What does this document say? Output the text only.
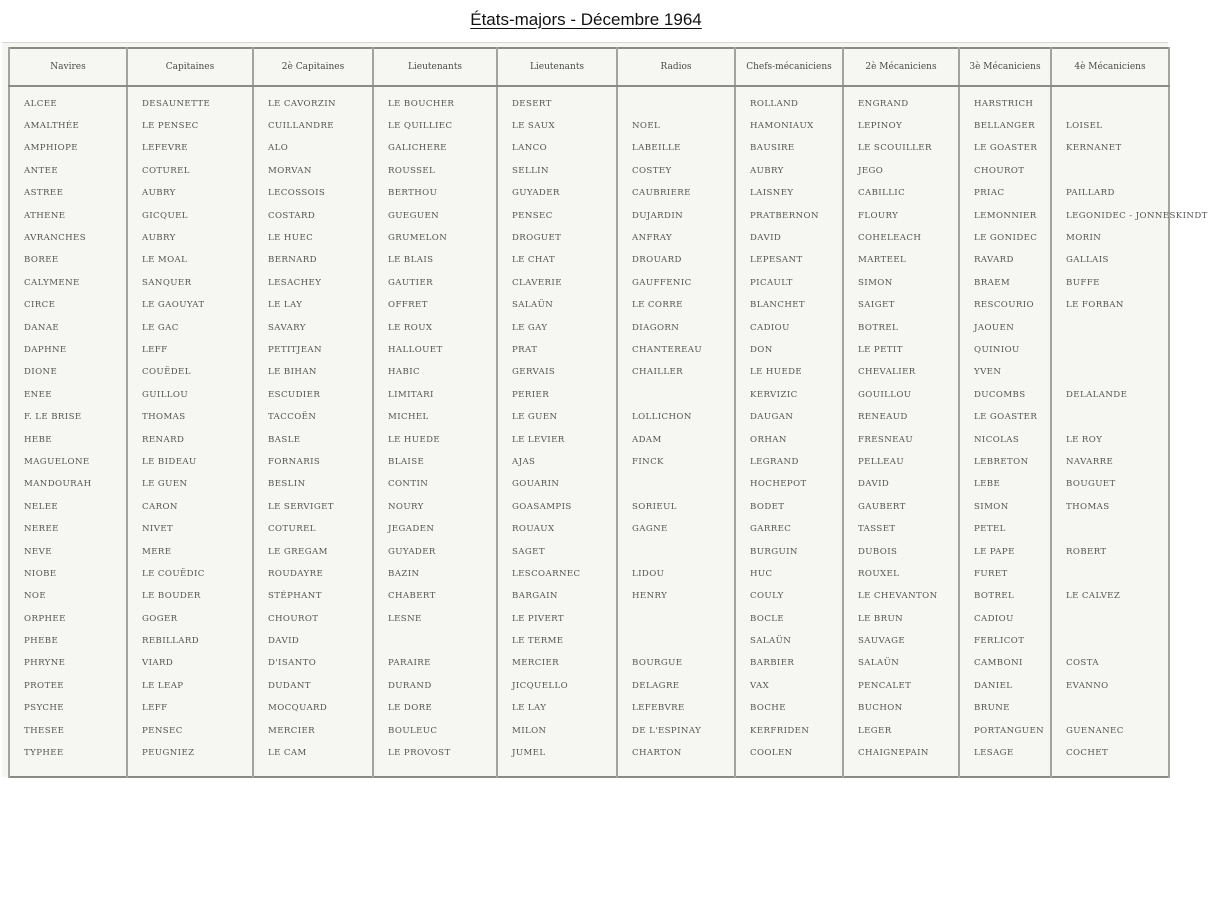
États-majors - Décembre 1964
Navires	Capitaines	2è Capitaines	Lieutenants	Lieutenants	Radios	Chefs-mécaniciens	2è Mécaniciens	3è Mécaniciens	4è Mécaniciens
ALCEE	DESAUNETTE	LE CAVORZIN	LE BOUCHER	DESERT		ROLLAND	ENGRAND	HARSTRICH	
AMALTHÉE	LE PENSEC	CUILLANDRE	LE QUILLIEC	LE SAUX	NOEL	HAMONIAUX	LEPINOY	BELLANGER	LOISEL
AMPHIOPE	LEFEVRE	ALO	GALICHERE	LANCO	LABEILLE	BAUSIRE	LE SCOUILLER	LE GOASTER	KERNANET
ANTEE	COTUREL	MORVAN	ROUSSEL	SELLIN	COSTEY	AUBRY	JEGO	CHOUROT	
ASTREE	AUBRY	LECOSSOIS	BERTHOU	GUYADER	CAUBRIERE	LAISNEY	CABILLIC	PRIAC	PAILLARD
ATHENE	GICQUEL	COSTARD	GUEGUEN	PENSEC	DUJARDIN	PRATBERNON	FLOURY	LEMONNIER	LEGONIDEC - JONNESKINDT
AVRANCHES	AUBRY	LE HUEC	GRUMELON	DROGUET	ANFRAY	DAVID	COHELEACH	LE GONIDEC	MORIN
BOREE	LE MOAL	BERNARD	LE BLAIS	LE CHAT	DROUARD	LEPESANT	MARTEEL	RAVARD	GALLAIS
CALYMENE	SANQUER	LESACHEY	GAUTIER	CLAVERIE	GAUFFENIC	PICAULT	SIMON	BRAEM	BUFFE
CIRCE	LE GAOUYAT	LE LAY	OFFRET	SALAÜN	LE CORRE	BLANCHET	SAIGET	RESCOURIO	LE FORBAN
DANAE	LE GAC	SAVARY	LE ROUX	LE GAY	DIAGORN	CADIOU	BOTREL	JAOUEN	
DAPHNE	LEFF	PETITJEAN	HALLOUET	PRAT	CHANTEREAU	DON	LE PETIT	QUINIOU	
DIONE	COUËDEL	LE BIHAN	HABIC	GERVAIS	CHAILLER	LE HUEDE	CHEVALIER	YVEN	
ENEE	GUILLOU	ESCUDIER	LIMITARI	PERIER		KERVIZIC	GOUILLOU	DUCOMBS	DELALANDE
F. LE BRISE	THOMAS	TACCOËN	MICHEL	LE GUEN	LOLLICHON	DAUGAN	RENEAUD	LE GOASTER	
HEBE	RENARD	BASLE	LE HUEDE	LE LEVIER	ADAM	ORHAN	FRESNEAU	NICOLAS	LE ROY
MAGUELONE	LE BIDEAU	FORNARIS	BLAISE	AJAS	FINCK	LEGRAND	PELLEAU	LEBRETON	NAVARRE
MANDOURAH	LE GUEN	BESLIN	CONTIN	GOUARIN		HOCHEPOT	DAVID	LEBE	BOUGUET
NELEE	CARON	LE SERVIGET	NOURY	GOASAMPIS	SORIEUL	BODET	GAUBERT	SIMON	THOMAS
NEREE	NIVET	COTUREL	JEGADEN	ROUAUX	GAGNE	GARREC	TASSET	PETEL	
NEVE	MERE	LE GREGAM	GUYADER	SAGET		BURGUIN	DUBOIS	LE PAPE	ROBERT
NIOBE	LE COUËDIC	ROUDAYRE	BAZIN	LESCOARNEC	LIDOU	HUC	ROUXEL	FURET	
NOE	LE BOUDER	STÉPHANT	CHABERT	BARGAIN	HENRY	COULY	LE CHEVANTON	BOTREL	LE CALVEZ
ORPHEE	GOGER	CHOUROT	LESNE	LE PIVERT		BOCLE	LE BRUN	CADIOU	
PHEBE	REBILLARD	DAVID		LE TERME		SALAÜN	SAUVAGE	FERLICOT	
PHRYNE	VIARD	D'ISANTO	PARAIRE	MERCIER	BOURGUE	BARBIER	SALAÜN	CAMBONI	COSTA
PROTEE	LE LEAP	DUDANT	DURAND	JICQUELLO	DELAGRE	VAX	PENCALET	DANIEL	EVANNO
PSYCHE	LEFF	MOCQUARD	LE DORE	LE LAY	LEFEBVRE	BOCHE	BUCHON	BRUNE	
THESEE	PENSEC	MERCIER	BOULEUC	MILON	DE L'ESPINAY	KERFRIDEN	LEGER	PORTANGUEN	GUENANEC
TYPHEE	PEUGNIEZ	LE CAM	LE PROVOST	JUMEL	CHARTON	COOLEN	CHAIGNEPAIN	LESAGE	COCHET
